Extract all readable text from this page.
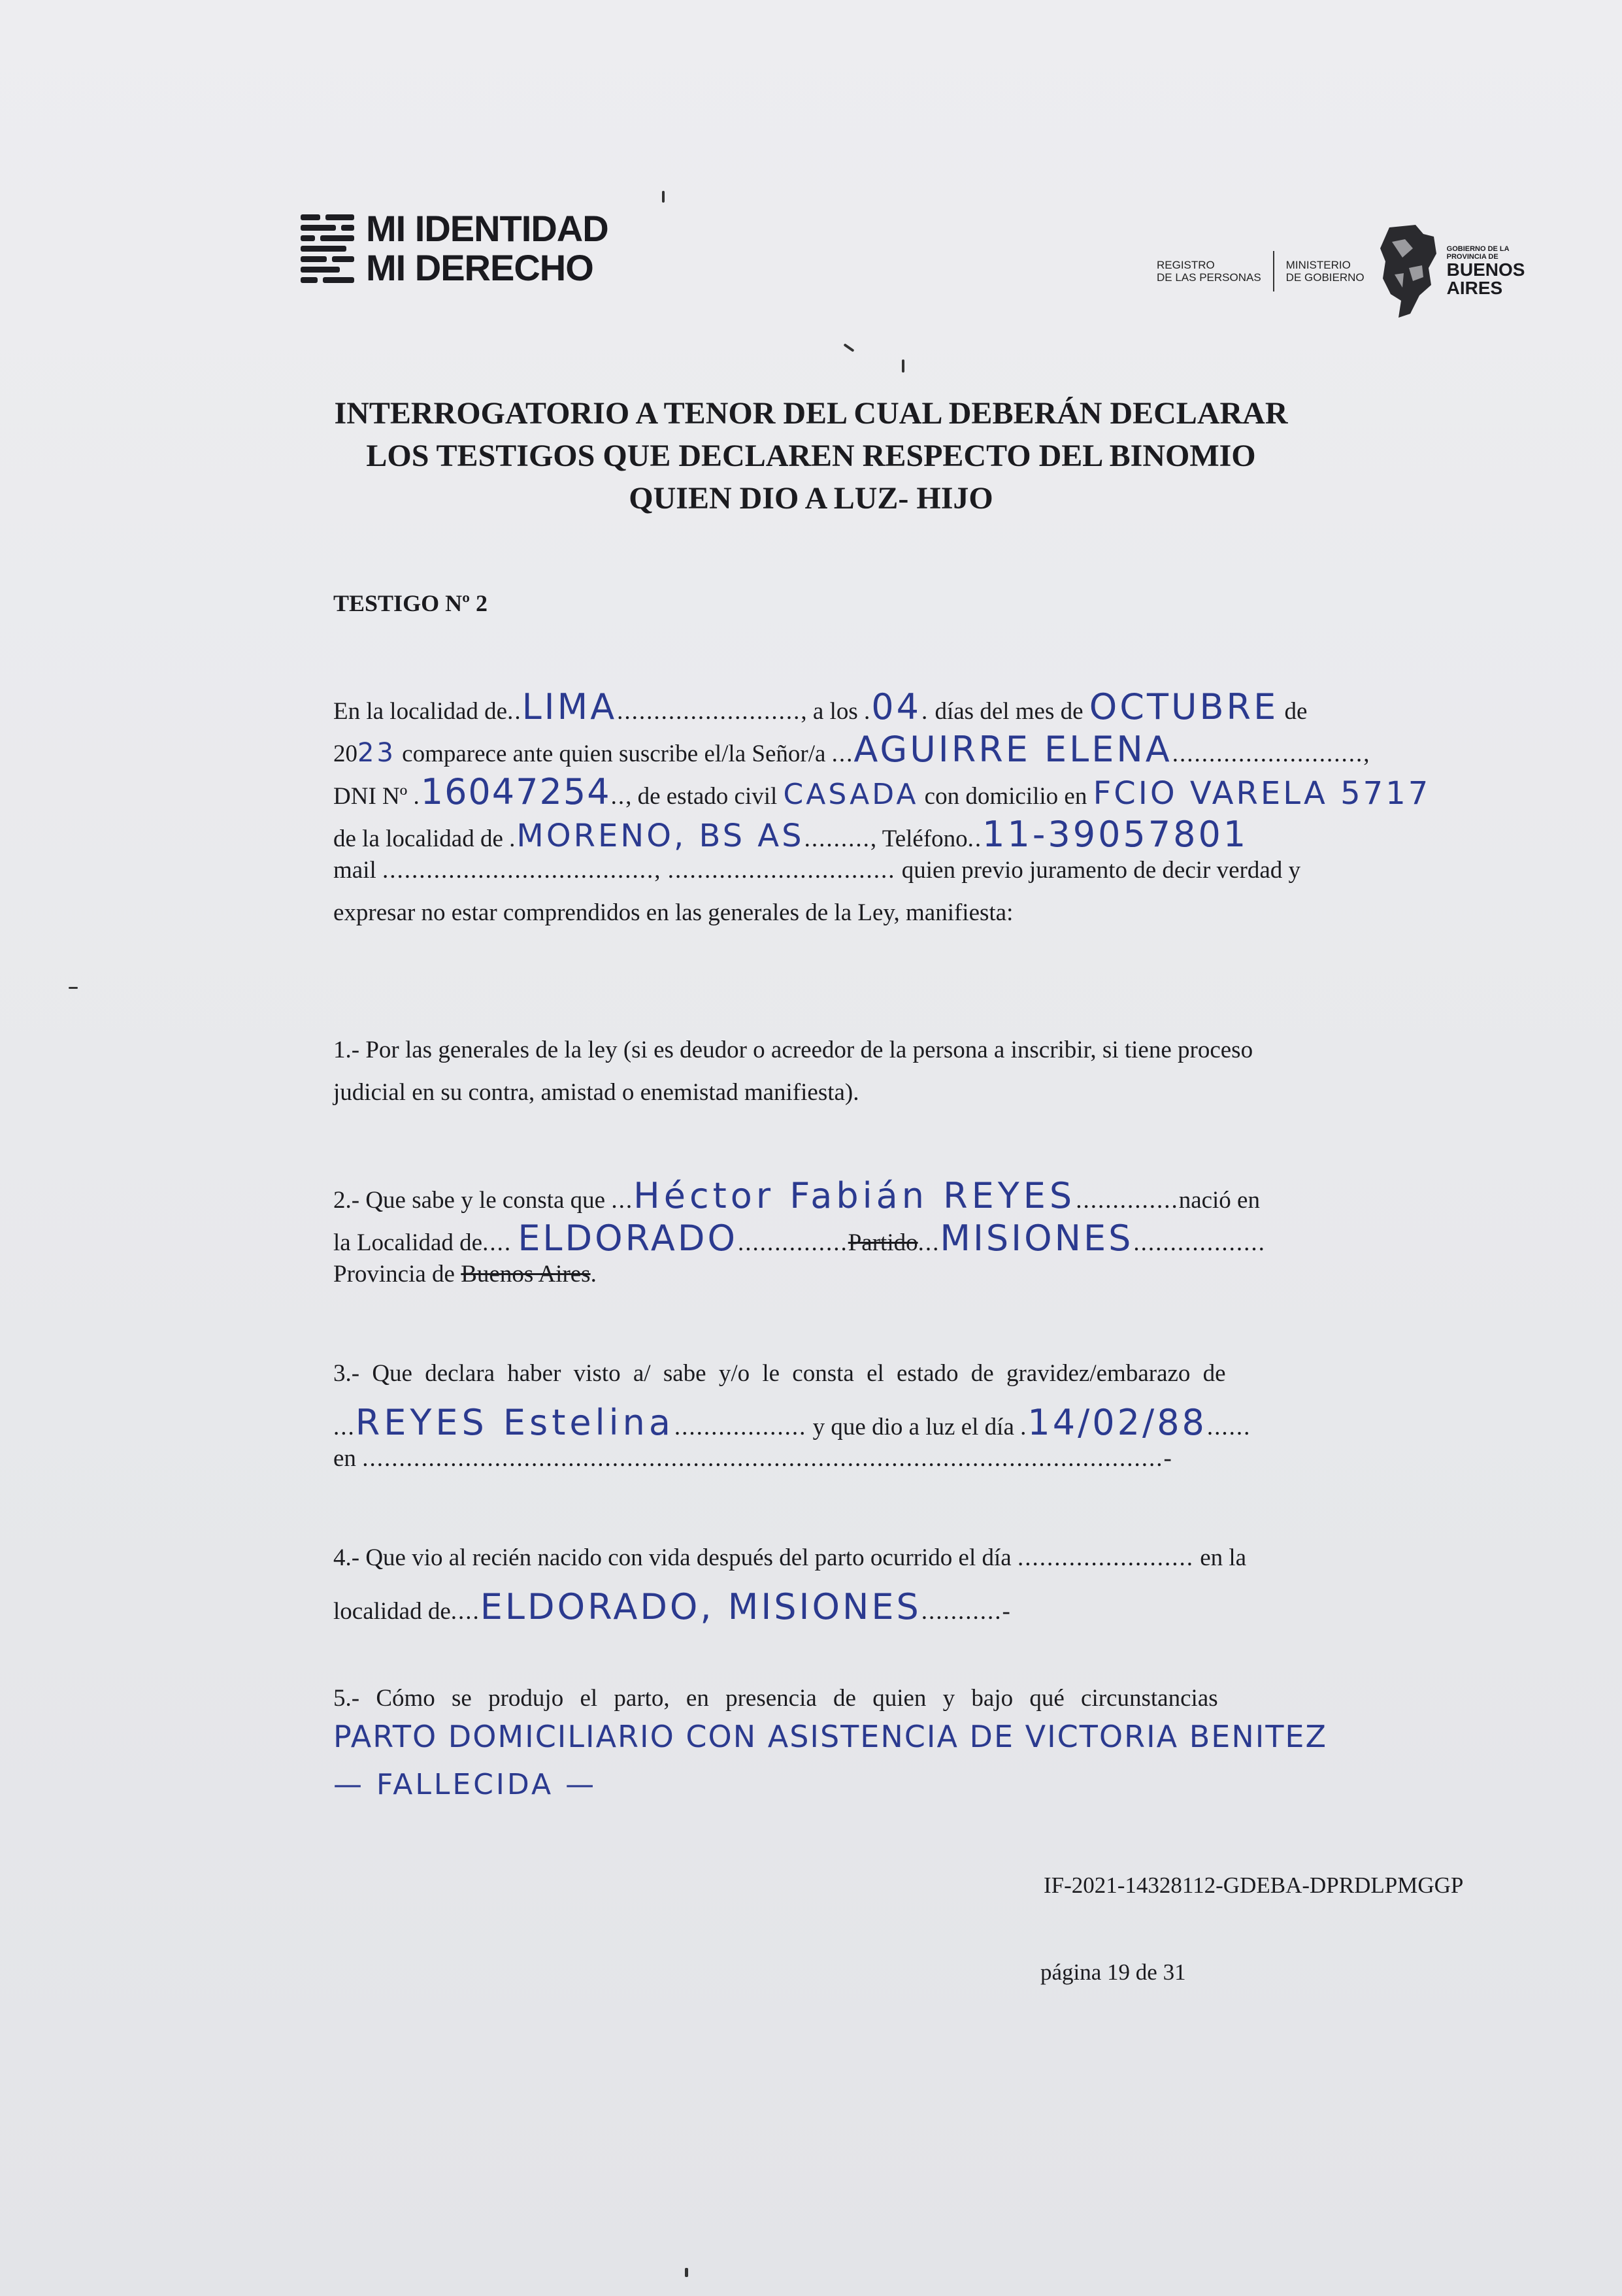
MI IDENTIDAD
MI DERECHO	REGISTRO
DE LAS PERSONAS
MINISTERIO
DE GOBIERNO
GOBIERNO DE LA
PROVINCIA DE
BUENOS
AIRES
INTERROGATORIO A TENOR DEL CUAL DEBERÁN DECLARAR
LOS TESTIGOS QUE DECLAREN RESPECTO DEL BINOMIO
QUIEN DIO A LUZ- HIJO
TESTIGO Nº 2
En la localidad de..LIMA........................., a los .04. días del mes de OCTUBRE de
2023 comparece ante quien suscribe el/la Señor/a ...AGUIRRE ELENA..........................,
DNI Nº .16047254.., de estado civil CASADA con domicilio en FCIO VARELA 5717
de la localidad de .MORENO, BS AS........., Teléfono..11-39057801
mail ....................................., ............................... quien previo juramento de decir verdad y
expresar no estar comprendidos en las generales de la Ley, manifiesta:
1.- Por las generales de la ley (si es deudor o acreedor de la persona a inscribir, si tiene proceso
judicial en su contra, amistad o enemistad manifiesta).
2.- Que sabe y le consta que ...Héctor Fabián REYES..............nació en
la Localidad de.... ELDORADO...............Partido...MISIONES..................
Provincia de Buenos Aires.
3.- Que declara haber visto a/ sabe y/o le consta el estado de gravidez/embarazo de
...REYES Estelina.................. y que dio a luz el día .14/02/88......
en .............................................................................................................-
4.- Que vio al recién nacido con vida después del parto ocurrido el día ........................ en la
localidad de....ELDORADO, MISIONES...........-
5.- Cómo se produjo el parto, en presencia de quien y bajo qué circunstancias
PARTO DOMICILIARIO CON ASISTENCIA DE VICTORIA BENITEZ
— FALLECIDA —
IF-2021-14328112-GDEBA-DPRDLPMGGP
página 19 de 31
